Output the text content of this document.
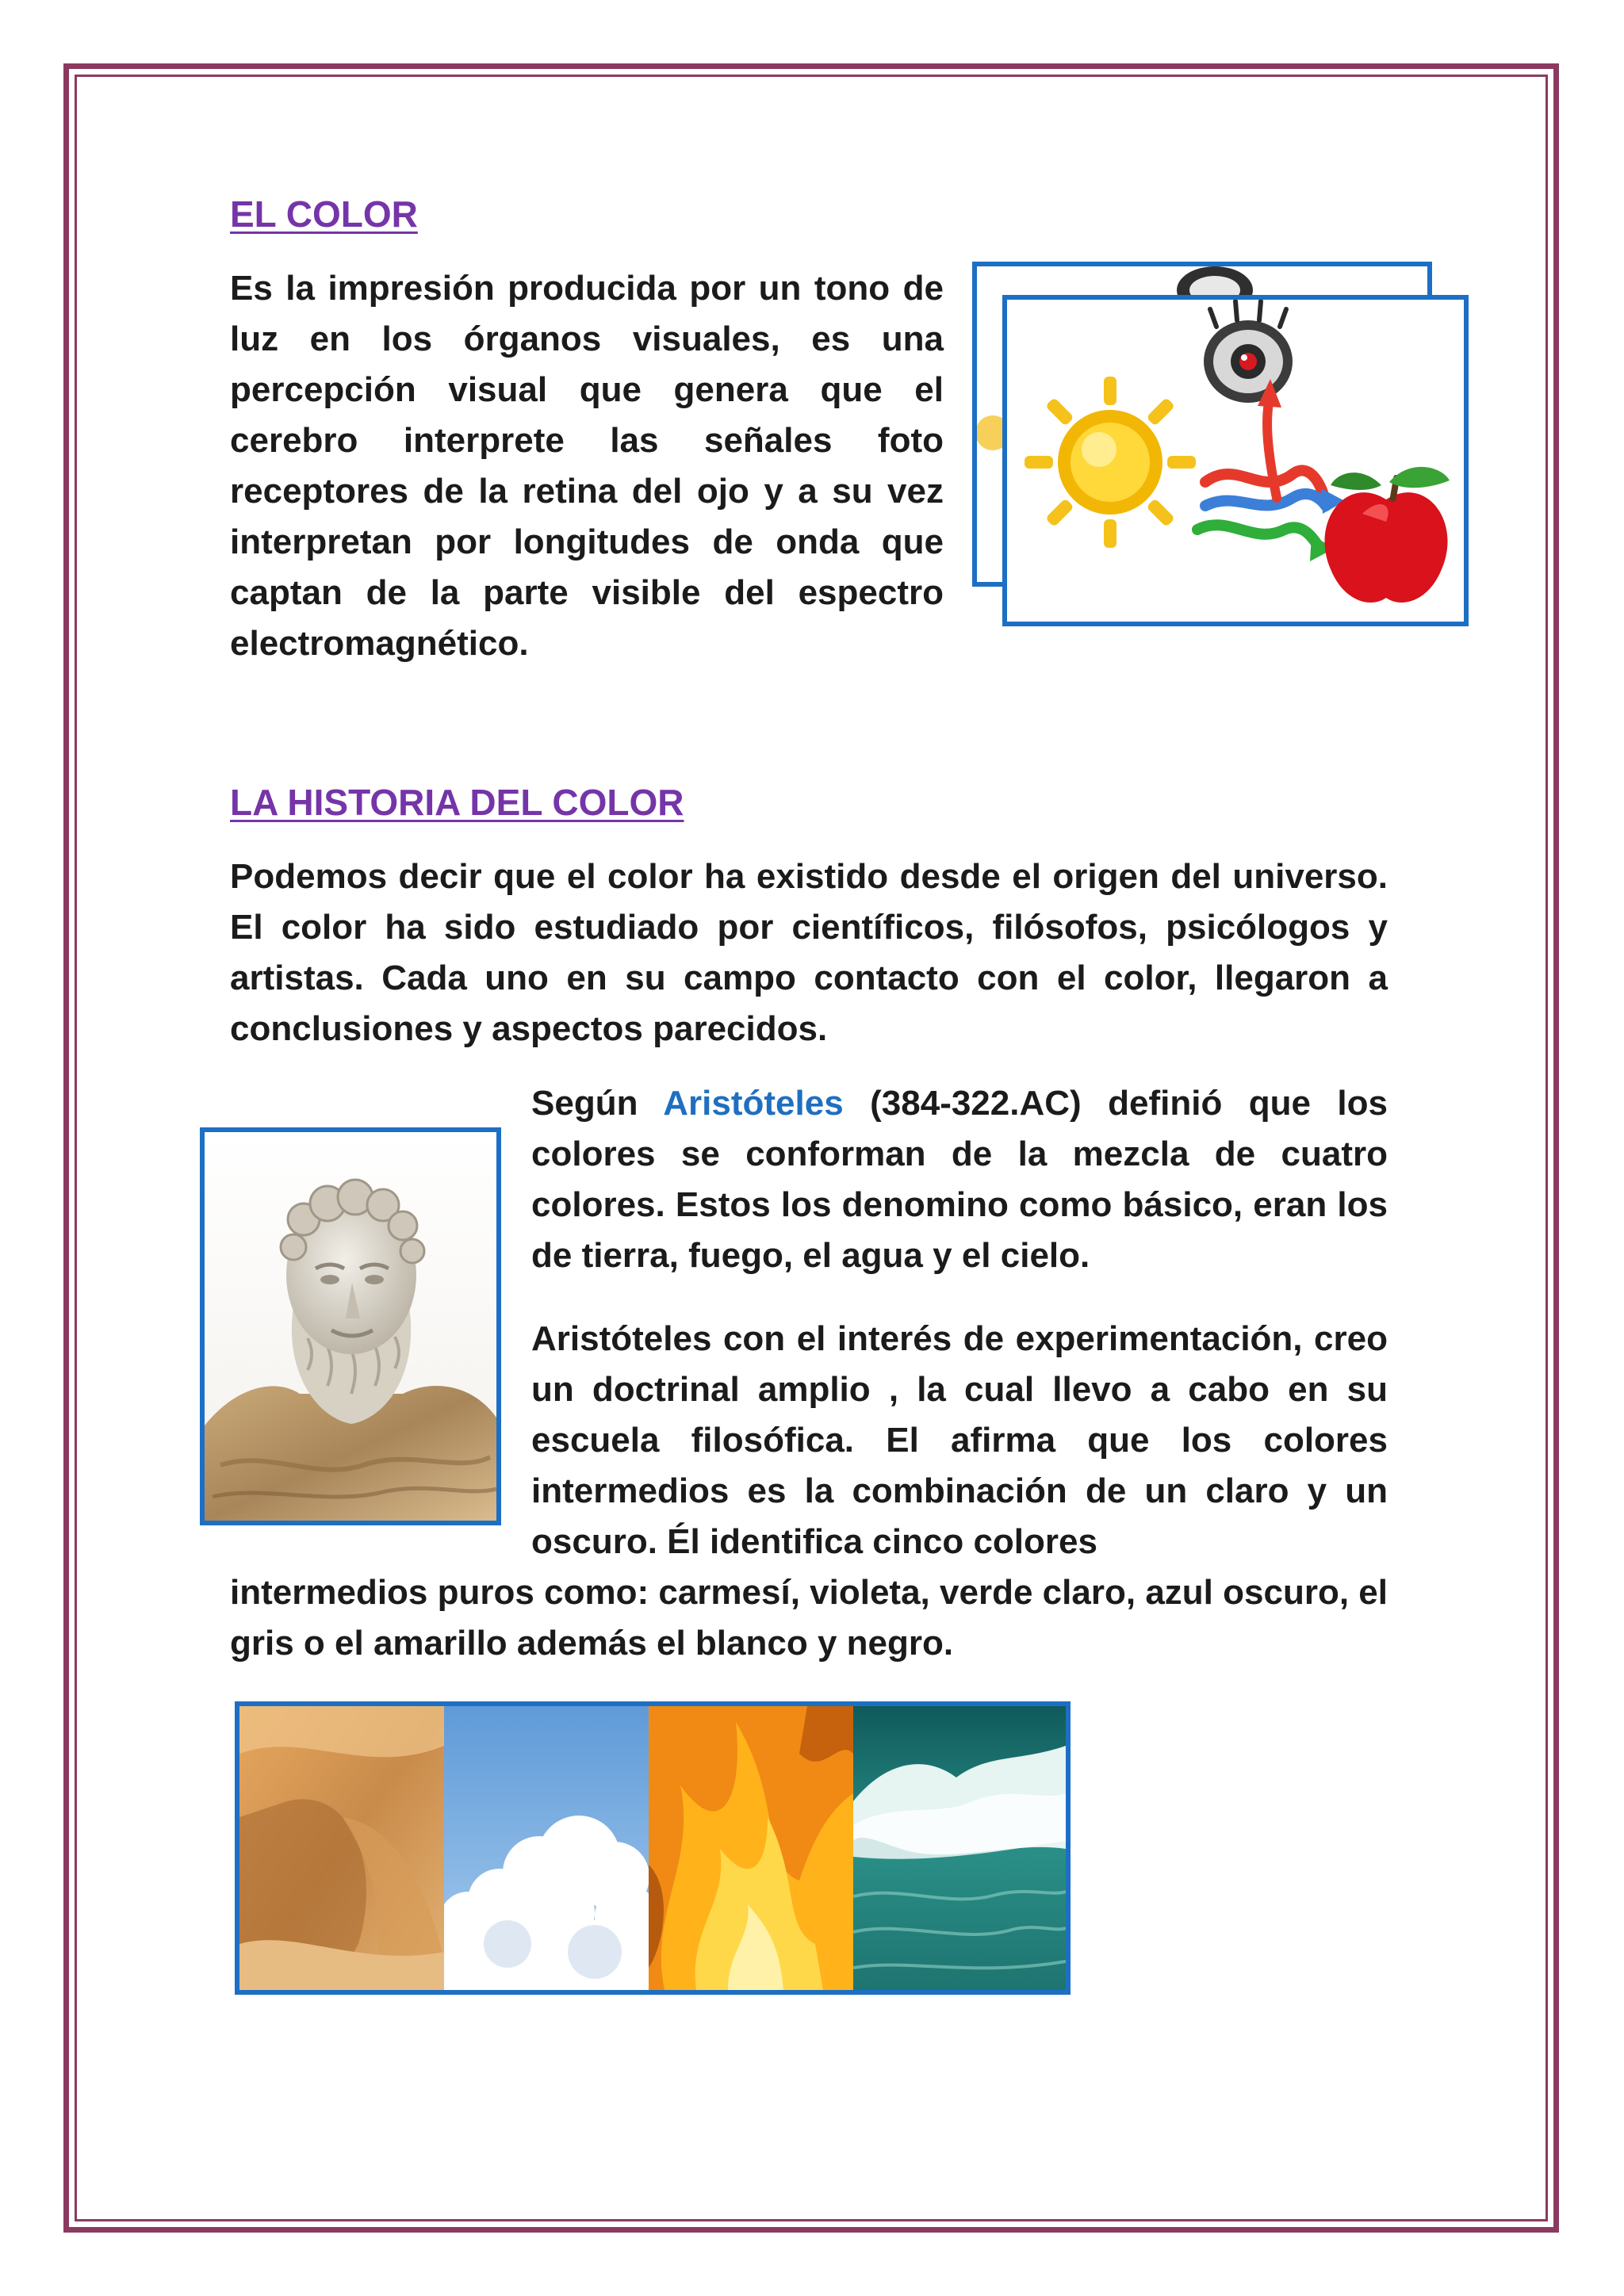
EL COLOR

Es la impresión producida por un tono de luz en los órganos visuales, es una percepción visual que genera que el cerebro interprete las señales foto receptores de la retina del ojo y a su vez interpretan por longitudes de onda que captan de la parte visible del espectro electromagnético.

LA HISTORIA DEL COLOR

Podemos decir que el color ha existido desde el origen del universo. El color ha sido estudiado por científicos, filósofos, psicólogos y artistas. Cada uno en su campo contacto con el color, llegaron a conclusiones y aspectos parecidos.

Según Aristóteles (384-322.AC) definió que los colores se conforman de la mezcla de cuatro colores. Estos los denomino como básico, eran los de tierra, fuego, el agua y el cielo.

Aristóteles con el interés de experimentación, creo un doctrinal amplio , la cual llevo a cabo en su escuela filosófica. El afirma que los colores intermedios es la combinación de un claro y un oscuro. Él identifica cinco colores

intermedios puros como: carmesí, violeta, verde claro, azul oscuro, el gris o el amarillo además el blanco y negro.
